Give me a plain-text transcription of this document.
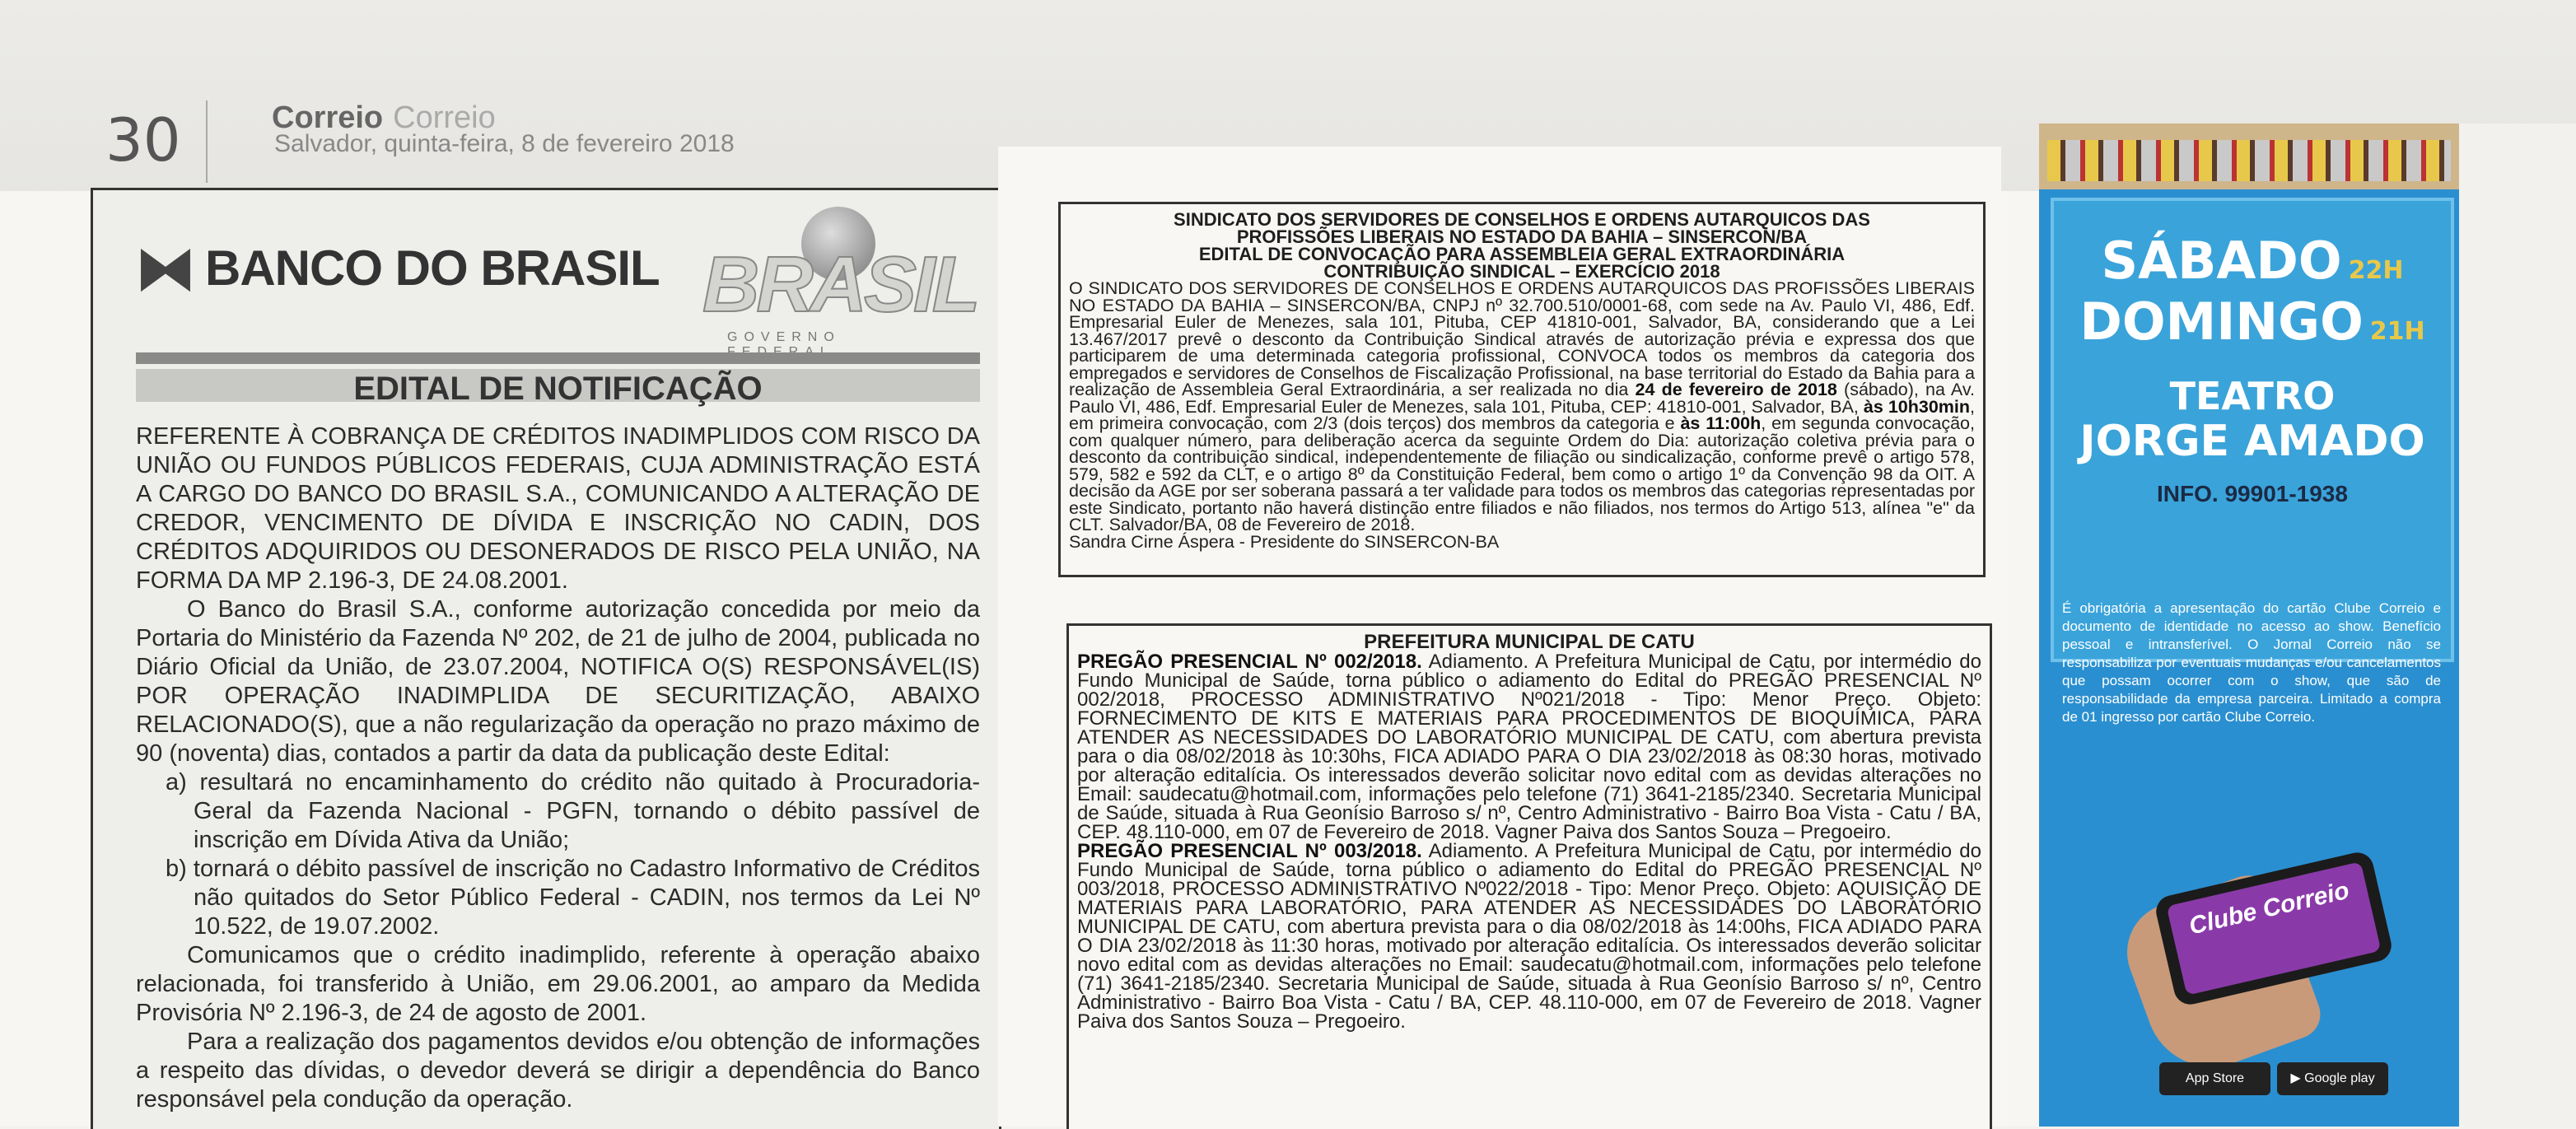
30	Correio Correio
Salvador, quinta-feira, 8 de fevereiro 2018
⧓ BANCO DO BRASIL BRASIL
GOVERNO
EDITAL DE NOTIFICAÇÃO

REFERENTE À COBRANÇA DE CRÉDITOS INADIMPLIDOS COM RISCO DA UNIÃO OU FUNDOS PÚBLICOS FEDERAIS, CUJA ADMINISTRAÇÃO ESTÁ A CARGO DO BANCO DO BRASIL S.A., COMUNICANDO A ALTERAÇÃO DE CREDOR, VENCIMENTO DE DÍVIDA E INSCRIÇÃO NO CADIN, DOS CRÉDITOS ADQUIRIDOS OU DESONERADOS DE RISCO PELA UNIÃO, NA FORMA DA MP 2.196-3, DE 24.08.2001.

O Banco do Brasil S.A., conforme autorização concedida por meio da Portaria do Ministério da Fazenda Nº 202, de 21 de julho de 2004, publicada no Diário Oficial da União, de 23.07.2004, NOTIFICA O(S) RESPONSÁVEL(IS) POR OPERAÇÃO INADIMPLIDA DE SECURITIZAÇÃO, ABAIXO RELACIONADO(S), que a não regularização da operação no prazo máximo de 90 (noventa) dias, contados a partir da data da publicação deste Edital:

a) resultará no encaminhamento do crédito não quitado à Procuradoria-Geral da Fazenda Nacional - PGFN, tornando o débito passível de inscrição em Dívida Ativa da União;

b) tornará o débito passível de inscrição no Cadastro Informativo de Créditos não quitados do Setor Público Federal - CADIN, nos termos da Lei Nº 10.522, de 19.07.2002.

Comunicamos que o crédito inadimplido, referente à operação abaixo relacionada, foi transferido à União, em 29.06.2001, ao amparo da Medida Provisória Nº 2.196-3, de 24 de agosto de 2001.

Para a realização dos pagamentos devidos e/ou obtenção de informações a respeito das dívidas, o devedor deverá se dirigir a dependência do Banco responsável pela condução da operação.

SINDICATO DOS SERVIDORES DE CONSELHOS E ORDENS AUTARQUICOS DAS
PROFISSÕES LIBERAIS NO ESTADO DA BAHIA – SINSERCON/BA
EDITAL DE CONVOCAÇÃO PARA ASSEMBLEIA GERAL EXTRAORDINÁRIA
CONTRIBUIÇÃO SINDICAL – EXERCÍCIO 2018

O SINDICATO DOS SERVIDORES DE CONSELHOS E ORDENS AUTARQUICOS DAS PROFISSÕES LIBERAIS NO ESTADO DA BAHIA – SINSERCON/BA, CNPJ nº 32.700.510/0001-68, com sede na Av. Paulo VI, 486, Edf. Empresarial Euler de Menezes, sala 101, Pituba, CEP 41810-001, Salvador, BA, considerando que a Lei 13.467/2017 prevê o desconto da Contribuição Sindical através de autorização prévia e expressa dos que participarem de uma determinada categoria profissional, CONVOCA todos os membros da categoria dos empregados e servidores de Conselhos de Fiscalização Profissional, na base territorial do Estado da Bahia para a realização de Assembleia Geral Extraordinária, a ser realizada no dia 24 de fevereiro de 2018 (sábado), na Av. Paulo VI, 486, Edf. Empresarial Euler de Menezes, sala 101, Pituba, CEP: 41810-001, Salvador, BA, às 10h30min, em primeira convocação, com 2/3 (dois terços) dos membros da categoria e às 11:00h, em segunda convocação, com qualquer número, para deliberação acerca da seguinte Ordem do Dia: autorização coletiva prévia para o desconto da contribuição sindical, independentemente de filiação ou sindicalização, conforme prevê o artigo 578, 579, 582 e 592 da CLT, e o artigo 8º da Constituição Federal, bem como o artigo 1º da Convenção 98 da OIT. A decisão da AGE por ser soberana passará a ter validade para todos os membros das categorias representadas por este Sindicato, portanto não haverá distinção entre filiados e não filiados, nos termos do Artigo 513, alínea "e" da CLT. Salvador/BA, 08 de Fevereiro de 2018.

Sandra Cirne Áspera - Presidente do SINSERCON-BA

PREFEITURA MUNICIPAL DE CATU

PREGÃO PRESENCIAL Nº 002/2018. Adiamento. A Prefeitura Municipal de Catu, por intermédio do Fundo Municipal de Saúde, torna público o adiamento do Edital do PREGÃO PRESENCIAL Nº 002/2018, PROCESSO ADMINISTRATIVO Nº021/2018 - Tipo: Menor Preço. Objeto: FORNECIMENTO DE KITS E MATERIAIS PARA PROCEDIMENTOS DE BIOQUÍMICA, PARA ATENDER AS NECESSIDADES DO LABORATÓRIO MUNICIPAL DE CATU, com abertura prevista para o dia 08/02/2018 às 10:30hs, FICA ADIADO PARA O DIA 23/02/2018 às 08:30 horas, motivado por alteração editalícia. Os interessados deverão solicitar novo edital com as devidas alterações no Email: saudecatu@hotmail.com, informações pelo telefone (71) 3641-2185/2340. Secretaria Municipal de Saúde, situada à Rua Geonísio Barroso s/ nº, Centro Administrativo - Bairro Boa Vista - Catu / BA, CEP. 48.110-000, em 07 de Fevereiro de 2018. Vagner Paiva dos Santos Souza – Pregoeiro.

PREGÃO PRESENCIAL Nº 003/2018. Adiamento. A Prefeitura Municipal de Catu, por intermédio do Fundo Municipal de Saúde, torna público o adiamento do Edital do PREGÃO PRESENCIAL Nº 003/2018, PROCESSO ADMINISTRATIVO Nº022/2018 - Tipo: Menor Preço. Objeto: AQUISIÇÃO DE MATERIAIS PARA LABORATÓRIO, PARA ATENDER AS NECESSIDADES DO LABORATÓRIO MUNICIPAL DE CATU, com abertura prevista para o dia 08/02/2018 às 14:00hs, FICA ADIADO PARA O DIA 23/02/2018 às 11:30 horas, motivado por alteração editalícia. Os interessados deverão solicitar novo edital com as devidas alterações no Email: saudecatu@hotmail.com, informações pelo telefone (71) 3641-2185/2340. Secretaria Municipal de Saúde, situada à Rua Geonísio Barroso s/ nº, Centro Administrativo - Bairro Boa Vista - Catu / BA, CEP. 48.110-000, em 07 de Fevereiro de 2018. Vagner Paiva dos Santos Souza – Pregoeiro.

SÁBADO 22H
DOMINGO 21H
TEATRO
JORGE AMADO
INFO. 99901-1938
É obrigatória a apresentação do cartão Clube Correio e documento de identidade no acesso ao show. Benefício pessoal e intransferível. O Jornal Correio não se responsabiliza por eventuais mudanças e/ou cancelamentos que possam ocorrer com o show, que são de responsabilidade da empresa parceira. Limitado a compra de 01 ingresso por cartão Clube Correio.
Clube Correio
App Store	▶ Google play
